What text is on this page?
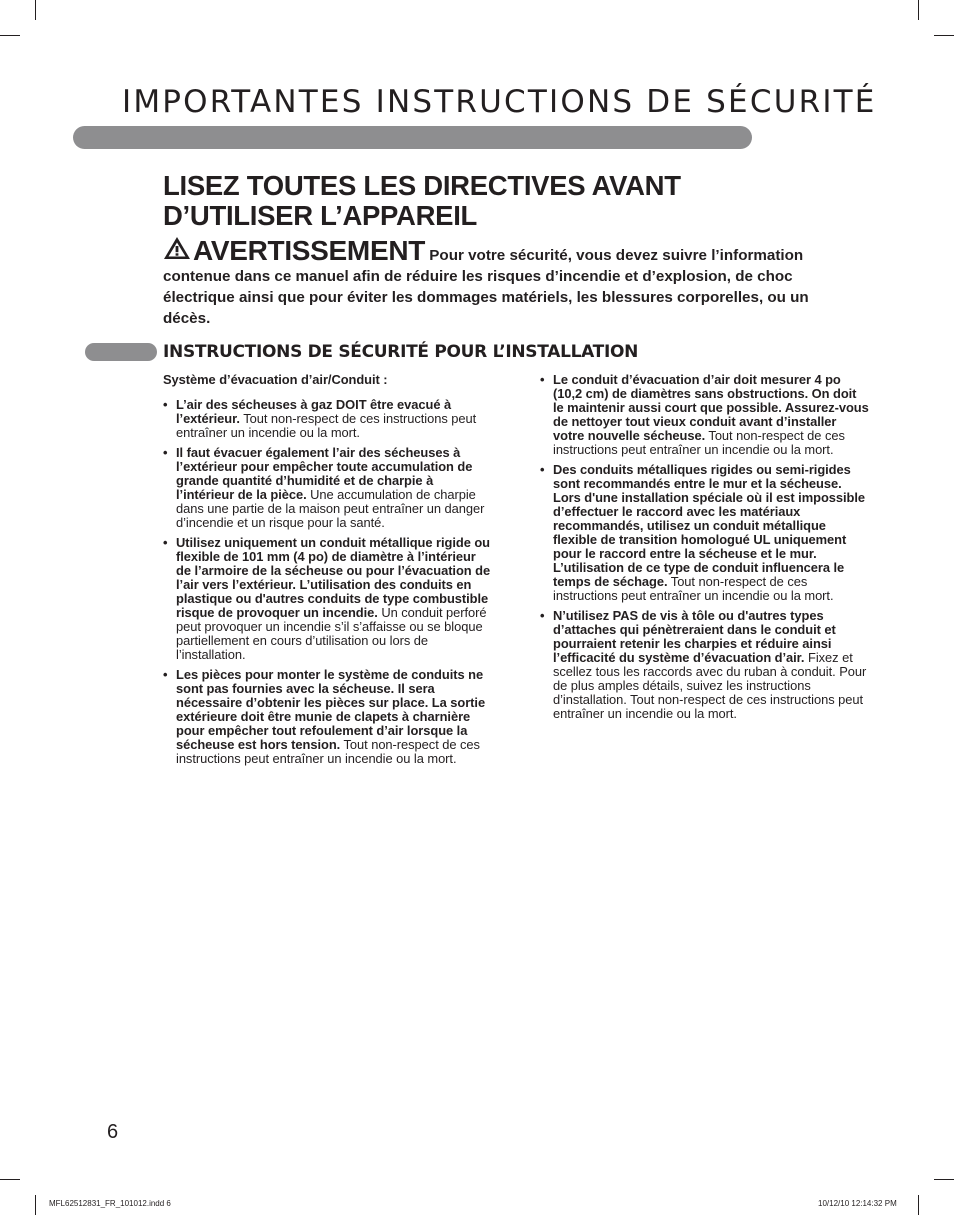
IMPORTANTES INSTRUCTIONS DE SÉCURITÉ
LISEZ TOUTES LES DIRECTIVES AVANT
D’UTILISER L’APPAREIL
AVERTISSEMENT Pour votre sécurité, vous devez suivre l’information contenue dans ce manuel afin de réduire les risques d’incendie et d’explosion, de choc électrique ainsi que pour éviter les dommages matériels, les blessures corporelles, ou un décès.
INSTRUCTIONS DE SÉCURITÉ POUR L’INSTALLATION
Système d’évacuation d’air/Conduit :
• L’air des sécheuses à gaz DOIT être evacué à l’extérieur. Tout non-respect de ces instructions peut entraîner un incendie ou la mort.
• Il faut évacuer également l’air des sécheuses à l’extérieur pour empêcher toute accumulation de grande quantité d’humidité et de charpie à l’intérieur de la pièce. Une accumulation de charpie dans une partie de la maison peut entraîner un danger d’incendie et un risque pour la santé.
• Utilisez uniquement un conduit métallique rigide ou flexible de 101 mm (4 po) de diamètre à l’intérieur de l’armoire de la sécheuse ou pour l’évacuation de l’air vers l’extérieur. L’utilisation des conduits en plastique ou d'autres conduits de type combustible risque de provoquer un incendie. Un conduit perforé peut provoquer un incendie s’il s’affaisse ou se bloque partiellement en cours d’utilisation ou lors de l’installation.
• Les pièces pour monter le système de conduits ne sont pas fournies avec la sécheuse. Il sera nécessaire d’obtenir les pièces sur place. La sortie extérieure doit être munie de clapets à charnière pour empêcher tout refoulement d’air lorsque la sécheuse est hors tension. Tout non-respect de ces instructions peut entraîner un incendie ou la mort.
• Le conduit d’évacuation d’air doit mesurer 4 po (10,2 cm) de diamètres sans obstructions. On doit le maintenir aussi court que possible. Assurez-vous de nettoyer tout vieux conduit avant d’installer votre nouvelle sécheuse. Tout non-respect de ces instructions peut entraîner un incendie ou la mort.
• Des conduits métalliques rigides ou semi-rigides sont recommandés entre le mur et la sécheuse. Lors d'une installation spéciale où il est impossible d’effectuer le raccord avec les matériaux recommandés, utilisez un conduit métallique flexible de transition homologué UL uniquement pour le raccord entre la sécheuse et le mur. L’utilisation de ce type de conduit influencera le temps de séchage. Tout non-respect de ces instructions peut entraîner un incendie ou la mort.
• N’utilisez PAS de vis à tôle ou d'autres types d’attaches qui pénètreraient dans le conduit et pourraient retenir les charpies et réduire ainsi l’efficacité du système d’évacuation d’air. Fixez et scellez tous les raccords avec du ruban à conduit. Pour de plus amples détails, suivez les instructions d’installation. Tout non-respect de ces instructions peut entraîner un incendie ou la mort.
6
MFL62512831_FR_101012.indd 6	10/12/10 12:14:32 PM
